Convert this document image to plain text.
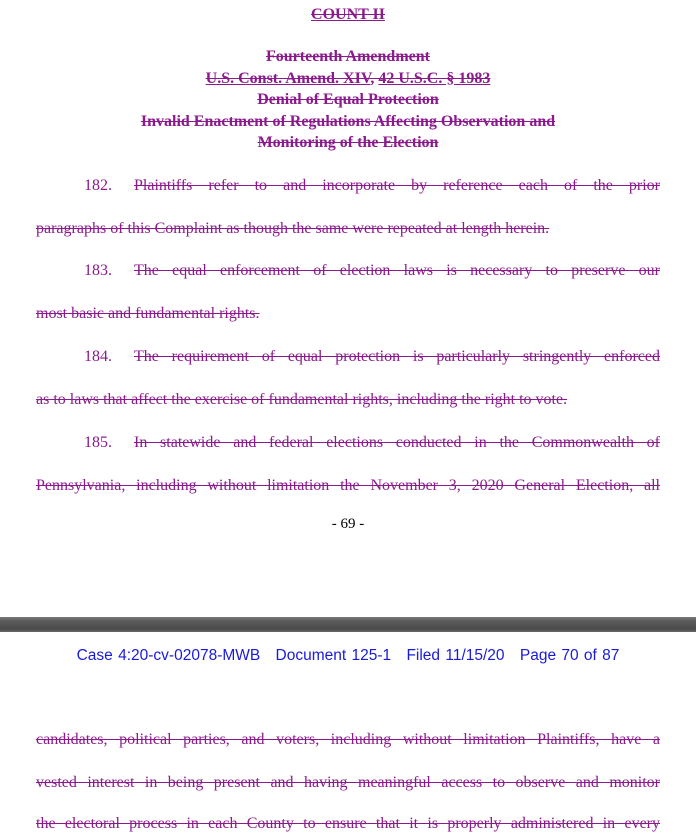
COUNT II
Fourteenth Amendment
U.S. Const. Amend. XIV, 42 U.S.C. § 1983
Denial of Equal Protection
Invalid Enactment of Regulations Affecting Observation and
Monitoring of the Election
182. Plaintiffs refer to and incorporate by reference each of the prior
paragraphs of this Complaint as though the same were repeated at length herein.
183. The equal enforcement of election laws is necessary to preserve our
most basic and fundamental rights.
184. The requirement of equal protection is particularly stringently enforced
as to laws that affect the exercise of fundamental rights, including the right to vote.
185. In statewide and federal elections conducted in the Commonwealth of
Pennsylvania, including without limitation the November 3, 2020 General Election, all
- 69 -
Case 4:20-cv-02078-MWB Document 125-1 Filed 11/15/20 Page 70 of 87
candidates, political parties, and voters, including without limitation Plaintiffs, have a
vested interest in being present and having meaningful access to observe and monitor
the electoral process in each County to ensure that it is properly administered in every
